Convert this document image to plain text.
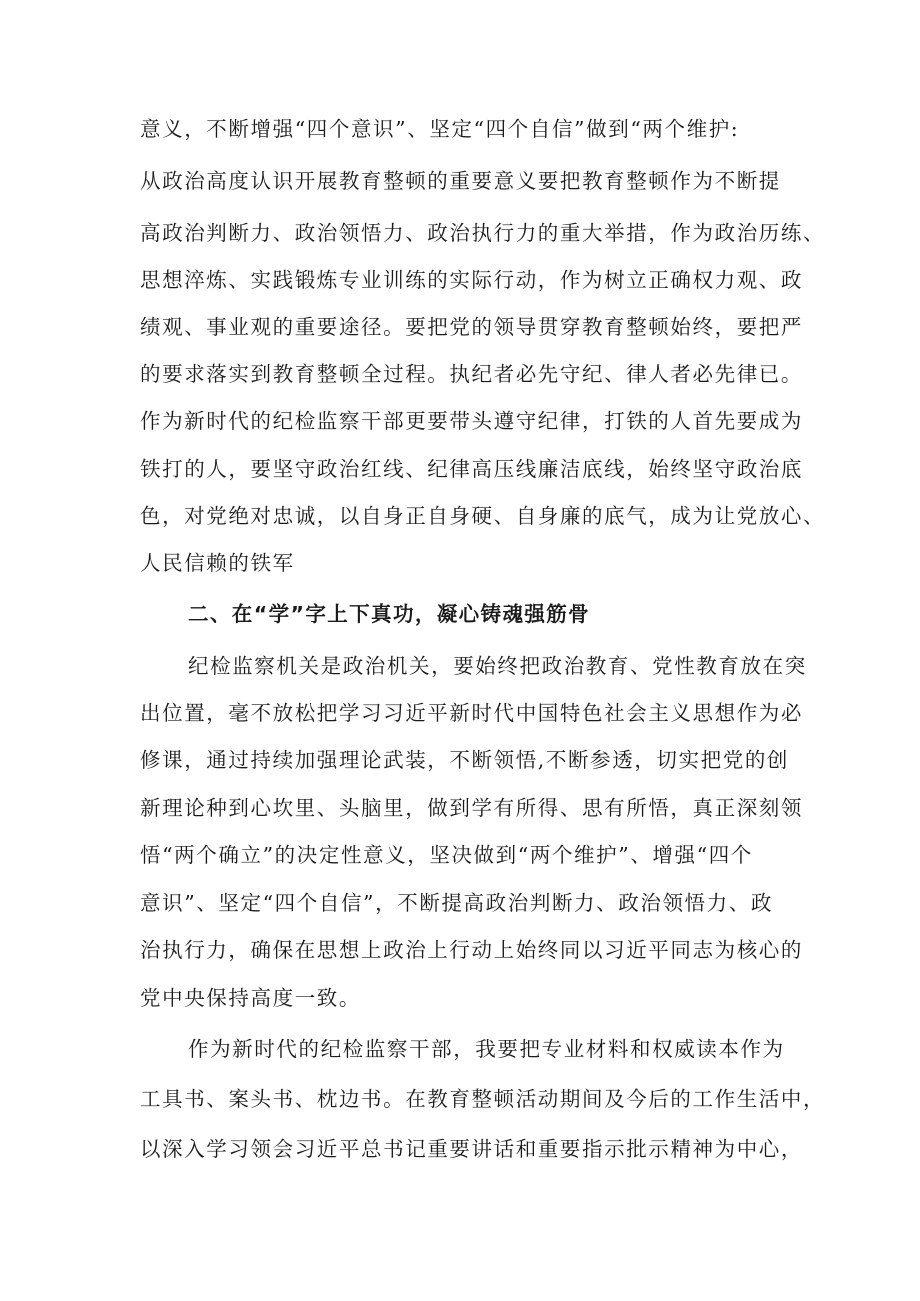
意义，不断增强“四个意识”、坚定“四个自信”做到“两个维护:
从政治高度认识开展教育整顿的重要意义要把教育整顿作为不断提
高政治判断力、政治领悟力、政治执行力的重大举措，作为政治历练、
思想淬炼、实践锻炼专业训练的实际行动，作为树立正确权力观、政
绩观、事业观的重要途径。要把党的领导贯穿教育整顿始终，要把严
的要求落实到教育整顿全过程。执纪者必先守纪、律人者必先律已。
作为新时代的纪检监察干部更要带头遵守纪律，打铁的人首先要成为
铁打的人，要坚守政治红线、纪律高压线廉洁底线，始终坚守政治底
色，对党绝对忠诚，以自身正自身硬、自身廉的底气，成为让党放心、
人民信赖的铁军
二、在“学”字上下真功，凝心铸魂强筋骨
纪检监察机关是政治机关，要始终把政治教育、党性教育放在突
出位置，毫不放松把学习习近平新时代中国特色社会主义思想作为必
修课，通过持续加强理论武装，不断领悟,不断参透，切实把党的创
新理论种到心坎里、头脑里，做到学有所得、思有所悟，真正深刻领
悟“两个确立”的决定性意义，坚决做到“两个维护”、增强“四个
意识”、坚定“四个自信”，不断提高政治判断力、政治领悟力、政
治执行力，确保在思想上政治上行动上始终同以习近平同志为核心的
党中央保持高度一致。
作为新时代的纪检监察干部，我要把专业材料和权威读本作为
工具书、案头书、枕边书。在教育整顿活动期间及今后的工作生活中，
以深入学习领会习近平总书记重要讲话和重要指示批示精神为中心，
